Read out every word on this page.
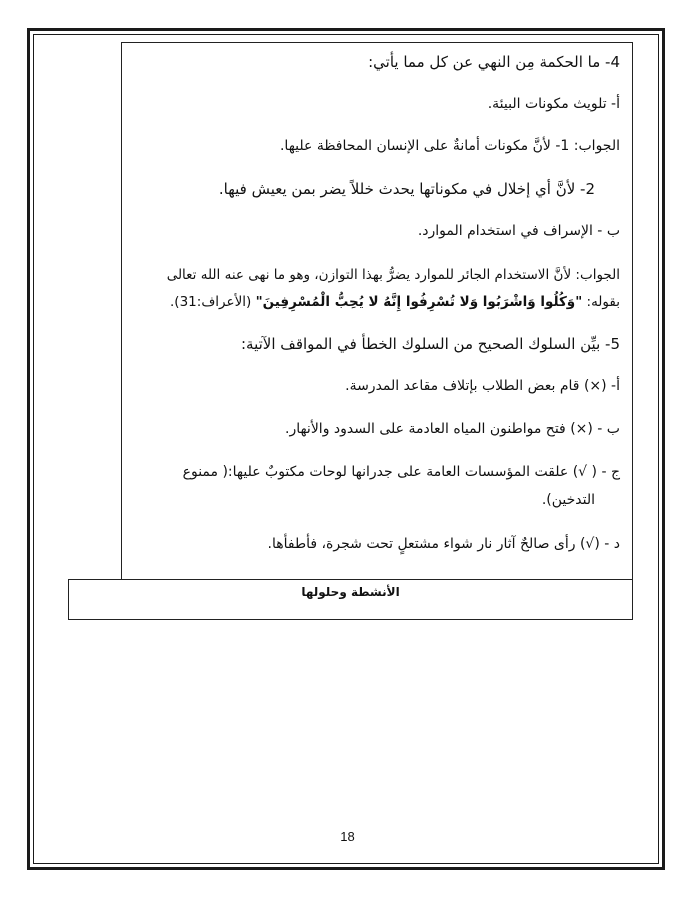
4- ما الحكمة مِن النهي عن كل مما يأتي:
أ- تلويث مكونات البيئة.
الجواب: 1- لأنَّ مكونات أمانةٌ على الإنسان المحافظة عليها.
2- لأنَّ أي إخلال في مكوناتها يحدث خللاً يضر بمن يعيش فيها.
ب - الإسراف في استخدام الموارد.
الجواب: لأنَّ الاستخدام الجائر للموارد يضرُّ بهذا التوازن، وهو ما نهى عنه الله تعالى
بقوله: "وَكُلُوا وَاشْرَبُوا وَلا تُسْرِفُوا إِنَّهُ لا يُحِبُّ الْمُسْرِفِينَ" (الأعراف:31).
5- بيِّن السلوك الصحيح من السلوك الخطأ في المواقف الآتية:
أ- (×) قام بعض الطلاب بإتلاف مقاعد المدرسة.
ب - (×) فتح مواطنون المياه العادمة على السدود والأنهار.
ج - ( √) علقت المؤسسات العامة على جدرانها لوحات مكتوبٌ عليها:( ممنوع
التدخين).
د - (√) رأى صالحٌ آثار نار شواء مشتعلٍ تحت شجرة، فأطفأها.
الأنشطة وحلولها
18
